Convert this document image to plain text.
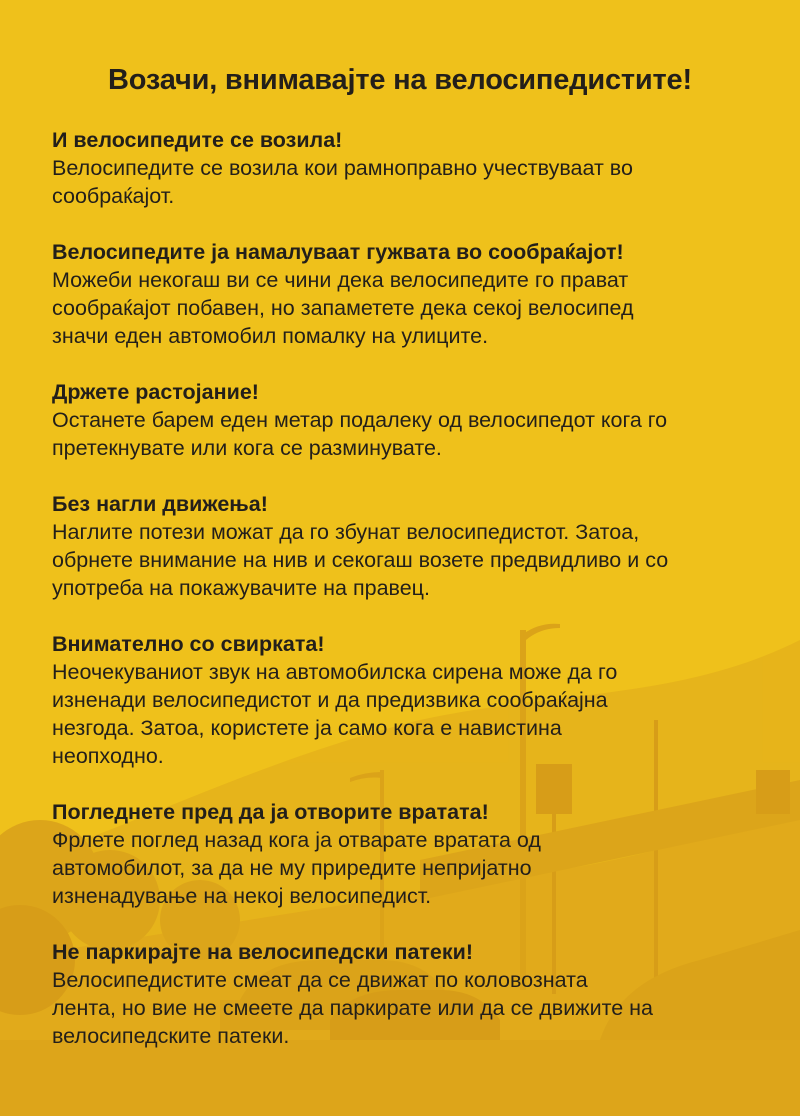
Возачи, внимавајте на велосипедистите!
И велосипедите се возила!

Велосипедите се возила кои рамноправно учествуваат во
сообраќајот.

Велосипедите ја намалуваат гужвата во сообраќајот!

Можеби некогаш ви се чини дека велосипедите го прават
сообраќајот побавен, но запаметете дека секој велосипед
значи еден автомобил помалку на улиците.

Држете растојание!

Останете барем еден метар подалеку од велосипедот кога го
претекнувате или кога се разминувате.

Без нагли движења!

Наглите потези можат да го збунат велосипедистот. Затоа,
обрнете внимание на нив и секогаш возете предвидливо и со
употреба на покажувачите на правец.

Внимателно со свирката!

Неочекуваниот звук на автомобилска сирена може да го
изненади велосипедистот и да предизвика сообраќајна
незгода. Затоа, користете ја само кога е навистина
неопходно.

Погледнете пред да ја отворите вратата!

Фрлете поглед назад кога ја отварате вратата од
автомобилот, за да не му приредите непријатно
изненадување на некој велосипедист.

Не паркирајте на велосипедски патеки!

Велосипедистите смеат да се движат по коловозната
лента, но вие не смеете да паркирате или да се движите на
велосипедските патеки.
